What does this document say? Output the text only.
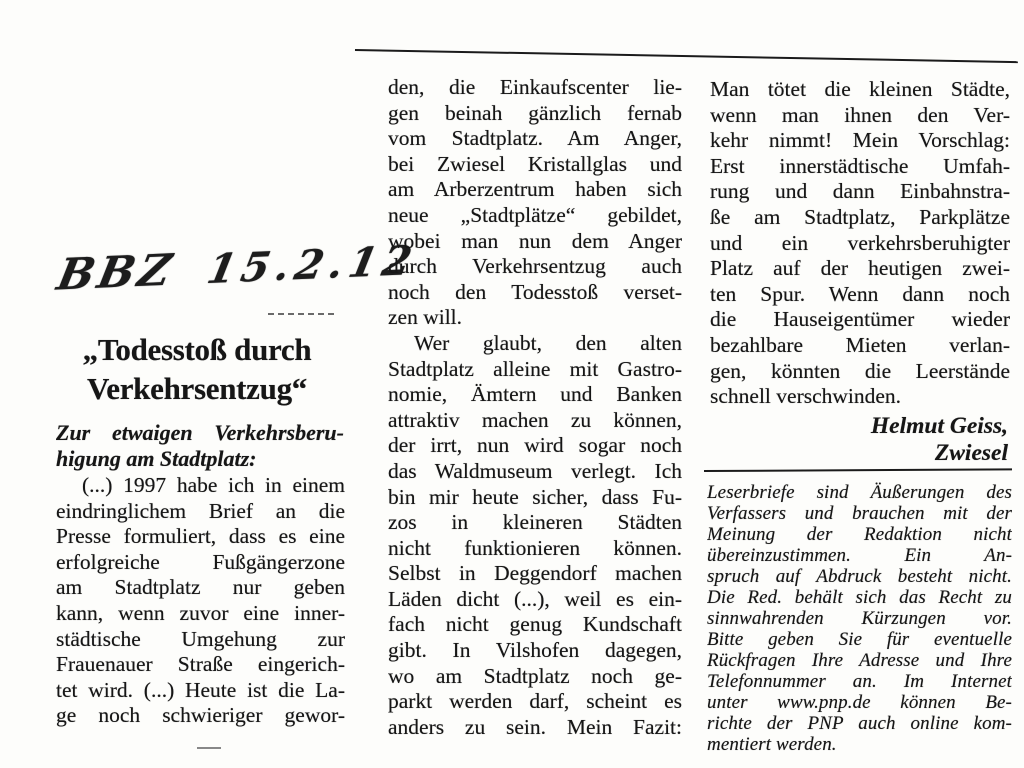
BBZ 15.2.12
„Todesstoß durch
Verkehrsentzug“
Zur etwaigen Verkehrsberu-
higung am Stadtplatz:
(...) 1997 habe ich in einem
eindringlichem Brief an die
Presse formuliert, dass es eine
erfolgreiche Fußgängerzone
am Stadtplatz nur geben
kann, wenn zuvor eine inner-
städtische Umgehung zur
Frauenauer Straße eingerich-
tet wird. (...) Heute ist die La-
ge noch schwieriger gewor-
den, die Einkaufscenter lie-
gen beinah gänzlich fernab
vom Stadtplatz. Am Anger,
bei Zwiesel Kristallglas und
am Arberzentrum haben sich
neue „Stadtplätze“ gebildet,
wobei man nun dem Anger
durch Verkehrsentzug auch
noch den Todesstoß verset-
zen will.
Wer glaubt, den alten
Stadtplatz alleine mit Gastro-
nomie, Ämtern und Banken
attraktiv machen zu können,
der irrt, nun wird sogar noch
das Waldmuseum verlegt. Ich
bin mir heute sicher, dass Fu-
zos in kleineren Städten
nicht funktionieren können.
Selbst in Deggendorf machen
Läden dicht (...), weil es ein-
fach nicht genug Kundschaft
gibt. In Vilshofen dagegen,
wo am Stadtplatz noch ge-
parkt werden darf, scheint es
anders zu sein. Mein Fazit:
Man tötet die kleinen Städte,
wenn man ihnen den Ver-
kehr nimmt! Mein Vorschlag:
Erst innerstädtische Umfah-
rung und dann Einbahnstra-
ße am Stadtplatz, Parkplätze
und ein verkehrsberuhigter
Platz auf der heutigen zwei-
ten Spur. Wenn dann noch
die Hauseigentümer wieder
bezahlbare Mieten verlan-
gen, könnten die Leerstände
schnell verschwinden.
Helmut Geiss,
Zwiesel
Leserbriefe sind Äußerungen des
Verfassers und brauchen mit der
Meinung der Redaktion nicht
übereinzustimmen. Ein An-
spruch auf Abdruck besteht nicht.
Die Red. behält sich das Recht zu
sinnwahrenden Kürzungen vor.
Bitte geben Sie für eventuelle
Rückfragen Ihre Adresse und Ihre
Telefonnummer an. Im Internet
unter www.pnp.de können Be-
richte der PNP auch online kom-
mentiert werden.
